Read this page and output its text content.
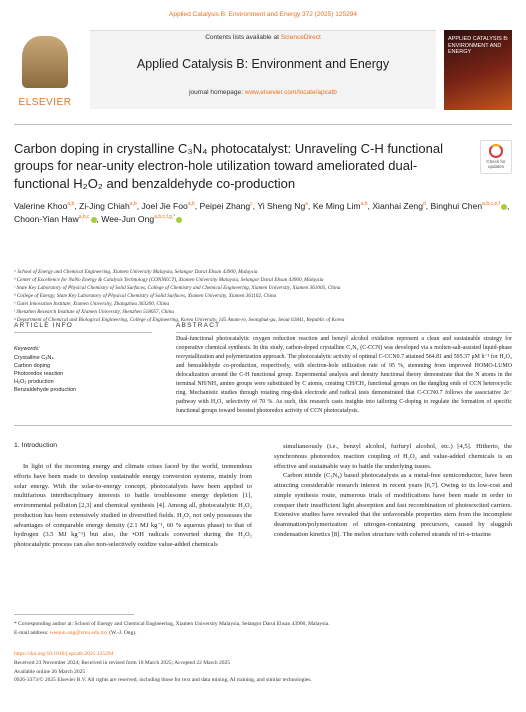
Applied Catalysis B: Environment and Energy 372 (2025) 125294
ELSEVIER
Contents lists available at ScienceDirect
Applied Catalysis B: Environment and Energy
journal homepage: www.elsevier.com/locate/apcatb
APPLIED CATALYSIS B: ENVIRONMENT AND ENERGY
Carbon doping in crystalline C₃N₄ photocatalyst: Unraveling C-H functional groups for near-unity electron-hole utilization toward ameliorated dual-functional H₂O₂ and benzaldehyde co-production
Check for updates
Valerine Khoo$^{a,b}$, Zi-Jing Chiah$^{a,b}$, Joel Jie Foo$^{a,b}$, Peipei Zhang$^c$, Yi Sheng Ng$^a$, Ke Ming Lim$^{a,b}$, Xianhai Zeng$^d$, Binghui Chen$^{a,b,c,e,f}$ , Choon-Yian Haw$^{a,b,c}$ , Wee-Jun Ong$^{a,b,c,f,g,*}$
ᵃ School of Energy and Chemical Engineering, Xiamen University Malaysia, Selangor Darul Ehsan 43900, Malaysia
ᵇ Center of Excellence for NaNo Energy & Catalysis Technology (CONNECT), Xiamen University Malaysia, Selangor Darul Ehsan 43900, Malaysia
ᶜ State Key Laboratory of Physical Chemistry of Solid Surfaces, College of Chemistry and Chemical Engineering, Xiamen University, Xiamen 361005, China
ᵈ College of Energy, State Key Laboratory of Physical Chemistry of Solid Surfaces, Xiamen University, Xiamen 361102, China
ᵉ Gulei Innovation Institute, Xiamen University, Zhangzhou 363200, China
ᶠ Shenzhen Research Institute of Xiamen University, Shenzhen 518057, China
ᵍ Department of Chemical and Biological Engineering, College of Engineering, Korea University, 145 Anam-ro, Seongbuk-gu, Seoul 02841, Republic of Korea
ARTICLE INFO	ABSTRACT
Keywords:
Crystalline C₃N₄
Carbon doping
Photoredox reaction
H₂O₂ production
Benzaldehyde production
Dual-functional photocatalytic oxygen reduction reaction and benzyl alcohol oxidation represent a clean and sustainable strategy for cooperative chemical synthesis. In this study, carbon-doped crystalline C₃N₄ (C-CCN) was developed via a molten-salt-assisted liquid-phase recrystallization and polymerization approach. The photocatalytic activity of optimal C-CCN0.7 attained 564.81 and 595.37 μM h⁻¹ for H₂O₂ and benzaldehyde co-production, respectively, with electron-hole utilization rate of 95 %, stemming from improved HOMO-LUMO delocalization around the C-H functional group. Experimental analysis and density functional theory demonstrate that the N atoms in the terminal NH/NH₂ amino groups were substituted by C atoms, creating CH/CH₂ functional groups on the dangling ends of CCN heterocyclic ring. Mechanistic studies through rotating ring-disk electrode and radical tests demonstrated that C-CCN0.7 follows the associative 2e⁻ pathway with H₂O₂ selectivity of 70 %. As such, this research casts insights into tailoring C-doping to regulate the formation of specific functional groups toward boosted photoredox activity of CCN photocatalysts.
1. Introduction

In light of the incoming energy and climate crises faced by the world, tremendous efforts have been made to develop sustainable energy conversion systems, mainly from solar energy. With the solar-to-energy concept, photocatalysts have been applied to multifarious interdisciplinary interests to battle troublesome energy depletion [1], environmental pollution [2,3] and chemical synthesis [4]. Among all, photocatalytic H₂O₂ production has been extensively studied in diversified fields. H₂O₂ not only possesses the advantages of comparable energy density (2.1 MJ kg⁻¹, 60 % aqueous phase) to that of hydrogen (3.5 MJ kg⁻¹) but also, the •OH radicals converted during the H₂O₂ photocatalytic process can also non-selectively oxidize value-added chemicals

simultaneously (i.e., benzyl alcohol, furfuryl alcohol, etc.) [4,5]. Hitherto, the synchronous photoredox reaction coupling of H₂O₂ and value-added chemicals is an effective and sustainable way to battle the underlying issues.

Carbon nitride (C₃N₄) based photocatalysts as a metal-free semiconductor, have been attracting considerable research interest in recent years [6,7]. Owing to its low-cost and simple synthesis route, numerous trials of modifications have been made in order to conquer their insufficient light absorption and fast recombination of photoexcited carriers. Extensive studies have revealed that the unfavorable properties stem from the incomplete deamination/polymerization of nitrogen-containing precursors, caused by sluggish condensation kinetics [8]. The melon structure with cohered strands of tri-s-triazine

* Corresponding author at: School of Energy and Chemical Engineering, Xiamen University Malaysia, Selangor Darul Ehsan 43900, Malaysia.
E-mail address: weejun.ong@xmu.edu.my (W.-J. Ong).
https://doi.org/10.1016/j.apcatb.2025.125294
Received 23 November 2024; Received in revised form 18 March 2025; Accepted 22 March 2025
Available online 26 March 2025
0926-3373/© 2025 Elsevier B.V. All rights are reserved, including those for text and data mining, AI training, and similar technologies.
